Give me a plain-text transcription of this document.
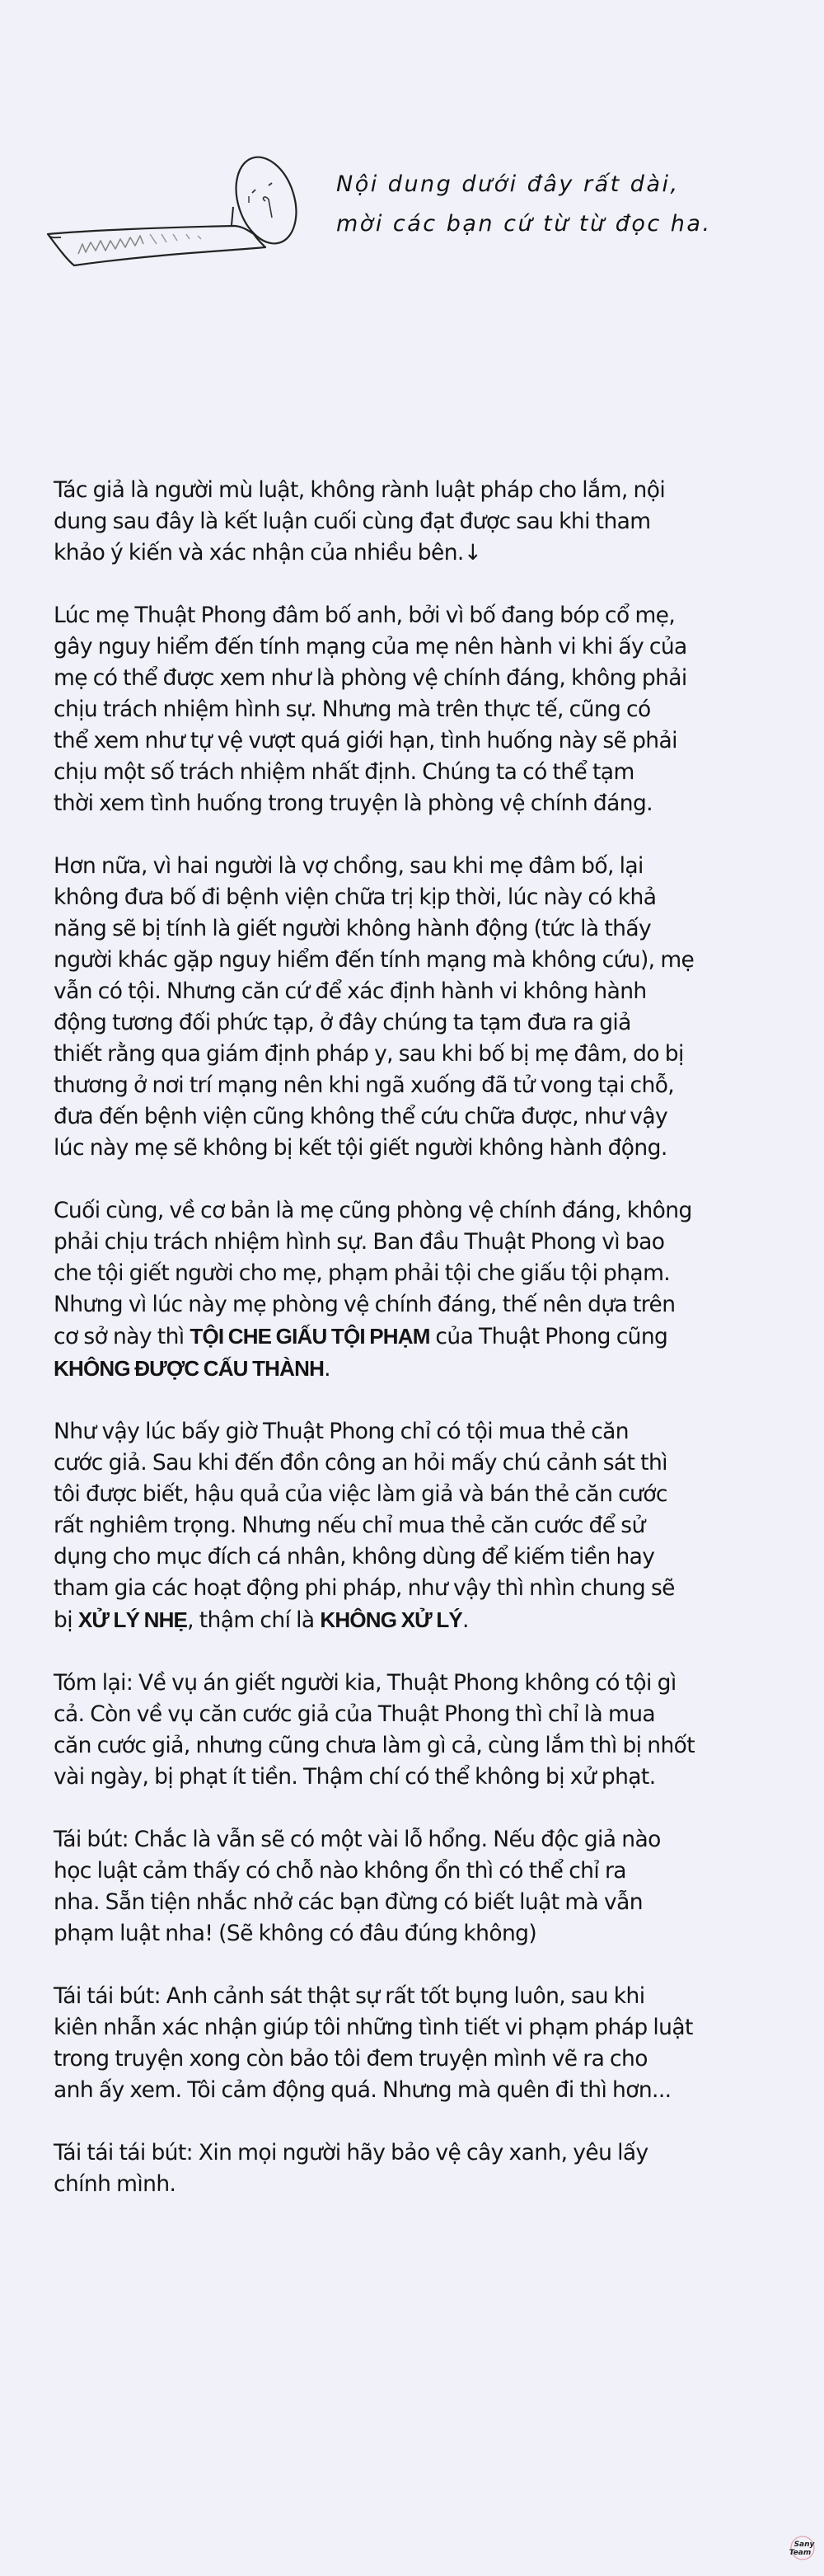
Nội dung dưới đây rất dài,
mời các bạn cứ từ từ đọc ha.

Tác giả là người mù luật, không rành luật pháp cho lắm, nội
dung sau đây là kết luận cuối cùng đạt được sau khi tham
khảo ý kiến và xác nhận của nhiều bên.↓

Lúc mẹ Thuật Phong đâm bố anh, bởi vì bố đang bóp cổ mẹ,
gây nguy hiểm đến tính mạng của mẹ nên hành vi khi ấy của
mẹ có thể được xem như là phòng vệ chính đáng, không phải
chịu trách nhiệm hình sự. Nhưng mà trên thực tế, cũng có
thể xem như tự vệ vượt quá giới hạn, tình huống này sẽ phải
chịu một số trách nhiệm nhất định. Chúng ta có thể tạm
thời xem tình huống trong truyện là phòng vệ chính đáng.

Hơn nữa, vì hai người là vợ chồng, sau khi mẹ đâm bố, lại
không đưa bố đi bệnh viện chữa trị kịp thời, lúc này có khả
năng sẽ bị tính là giết người không hành động (tức là thấy
người khác gặp nguy hiểm đến tính mạng mà không cứu), mẹ
vẫn có tội. Nhưng căn cứ để xác định hành vi không hành
động tương đối phức tạp, ở đây chúng ta tạm đưa ra giả
thiết rằng qua giám định pháp y, sau khi bố bị mẹ đâm, do bị
thương ở nơi trí mạng nên khi ngã xuống đã tử vong tại chỗ,
đưa đến bệnh viện cũng không thể cứu chữa được, như vậy
lúc này mẹ sẽ không bị kết tội giết người không hành động.

Cuối cùng, về cơ bản là mẹ cũng phòng vệ chính đáng, không
phải chịu trách nhiệm hình sự. Ban đầu Thuật Phong vì bao
che tội giết người cho mẹ, phạm phải tội che giấu tội phạm.
Nhưng vì lúc này mẹ phòng vệ chính đáng, thế nên dựa trên
cơ sở này thì TỘI CHE GIẤU TỘI PHẠM của Thuật Phong cũng
KHÔNG ĐƯỢC CẤU THÀNH.

Như vậy lúc bấy giờ Thuật Phong chỉ có tội mua thẻ căn
cước giả. Sau khi đến đồn công an hỏi mấy chú cảnh sát thì
tôi được biết, hậu quả của việc làm giả và bán thẻ căn cước
rất nghiêm trọng. Nhưng nếu chỉ mua thẻ căn cước để sử
dụng cho mục đích cá nhân, không dùng để kiếm tiền hay
tham gia các hoạt động phi pháp, như vậy thì nhìn chung sẽ
bị XỬ LÝ NHẸ, thậm chí là KHÔNG XỬ LÝ.

Tóm lại: Về vụ án giết người kia, Thuật Phong không có tội gì
cả. Còn về vụ căn cước giả của Thuật Phong thì chỉ là mua
căn cước giả, nhưng cũng chưa làm gì cả, cùng lắm thì bị nhốt
vài ngày, bị phạt ít tiền. Thậm chí có thể không bị xử phạt.

Tái bút: Chắc là vẫn sẽ có một vài lỗ hổng. Nếu độc giả nào
học luật cảm thấy có chỗ nào không ổn thì có thể chỉ ra
nha. Sẵn tiện nhắc nhở các bạn đừng có biết luật mà vẫn
phạm luật nha! (Sẽ không có đâu đúng không)

Tái tái bút: Anh cảnh sát thật sự rất tốt bụng luôn, sau khi
kiên nhẫn xác nhận giúp tôi những tình tiết vi phạm pháp luật
trong truyện xong còn bảo tôi đem truyện mình vẽ ra cho
anh ấy xem. Tôi cảm động quá. Nhưng mà quên đi thì hơn...

Tái tái tái bút: Xin mọi người hãy bảo vệ cây xanh, yêu lấy
chính mình.

Sany
Team
